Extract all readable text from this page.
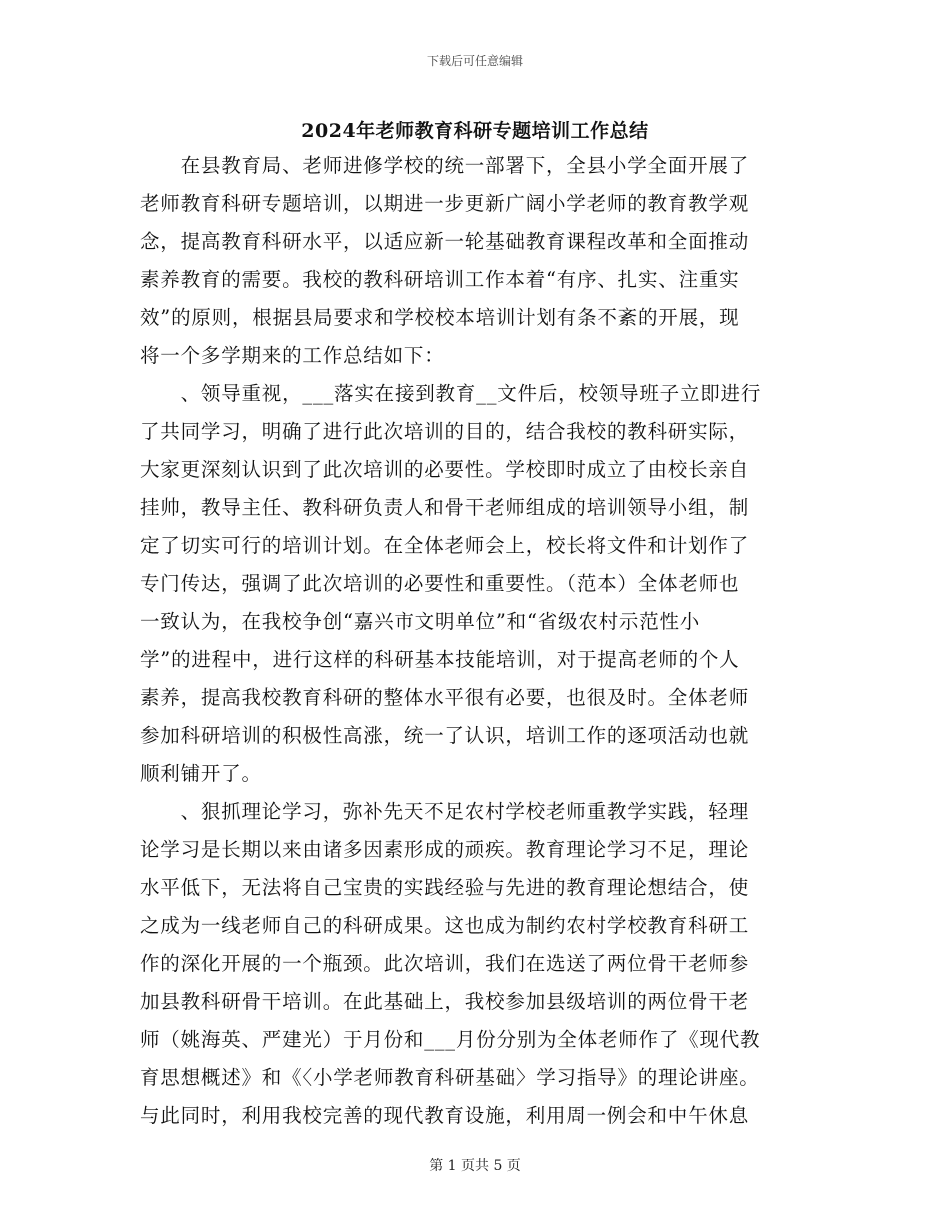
下载后可任意编辑
2024年老师教育科研专题培训工作总结
　　在县教育局、老师进修学校的统一部署下，全县小学全面开展了
老师教育科研专题培训，以期进一步更新广阔小学老师的教育教学观
念，提高教育科研水平，以适应新一轮基础教育课程改革和全面推动
素养教育的需要。我校的教科研培训工作本着“有序、扎实、注重实
效”的原则，根据县局要求和学校校本培训计划有条不紊的开展，现
将一个多学期来的工作总结如下：
　　、领导重视，___落实在接到教育__文件后，校领导班子立即进行
了共同学习，明确了进行此次培训的目的，结合我校的教科研实际，
大家更深刻认识到了此次培训的必要性。学校即时成立了由校长亲自
挂帅，教导主任、教科研负责人和骨干老师组成的培训领导小组，制
定了切实可行的培训计划。在全体老师会上，校长将文件和计划作了
专门传达，强调了此次培训的必要性和重要性。（范本）全体老师也
一致认为，在我校争创“嘉兴市文明单位”和“省级农村示范性小
学”的进程中，进行这样的科研基本技能培训，对于提高老师的个人
素养，提高我校教育科研的整体水平很有必要，也很及时。全体老师
参加科研培训的积极性高涨，统一了认识，培训工作的逐项活动也就
顺利铺开了。
　　、狠抓理论学习，弥补先天不足农村学校老师重教学实践，轻理
论学习是长期以来由诸多因素形成的顽疾。教育理论学习不足，理论
水平低下，无法将自己宝贵的实践经验与先进的教育理论想结合，使
之成为一线老师自己的科研成果。这也成为制约农村学校教育科研工
作的深化开展的一个瓶颈。此次培训，我们在选送了两位骨干老师参
加县教科研骨干培训。在此基础上，我校参加县级培训的两位骨干老
师（姚海英、严建光）于月份和___月份分别为全体老师作了《现代教
育思想概述》和《〈小学老师教育科研基础〉学习指导》的理论讲座。
与此同时，利用我校完善的现代教育设施，利用周一例会和中午休息
第 1 页共 5 页
